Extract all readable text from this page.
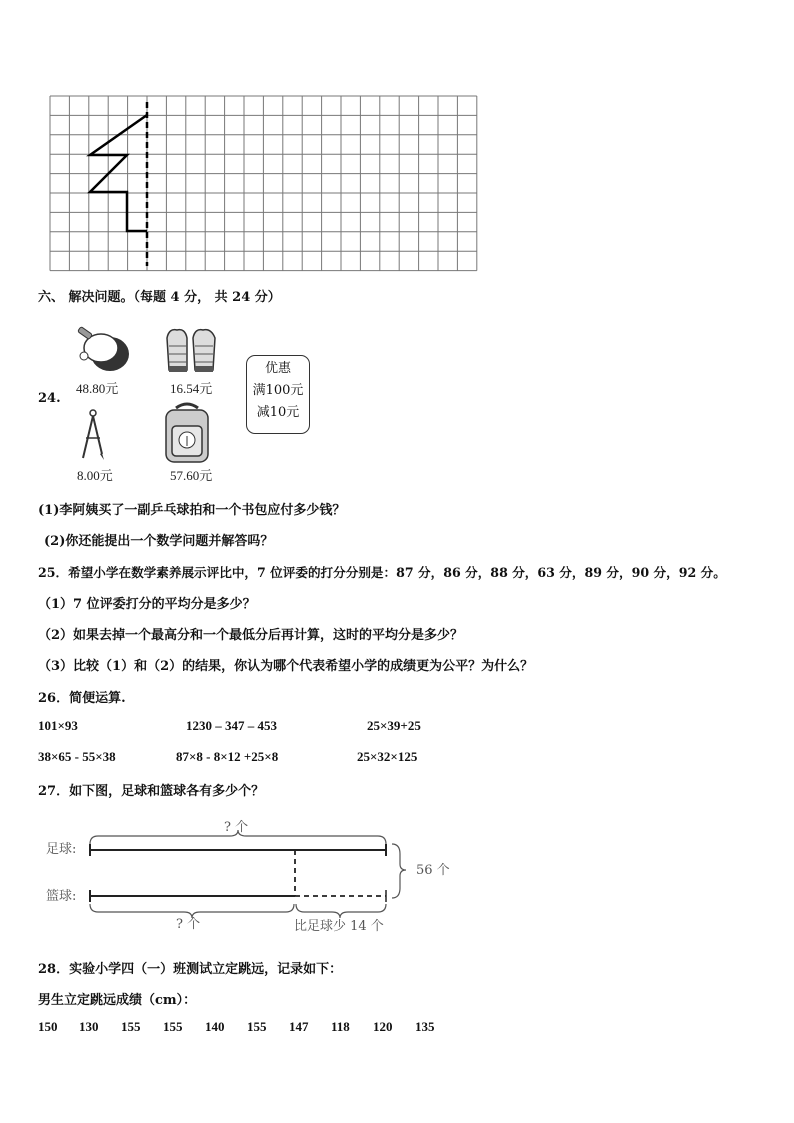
六、 解决问题。（每题 4 分， 共 24 分）
24.
48.80元	16.54元
8.00元	57.60元
优惠
满100元
减10元
(1)李阿姨买了一副乒乓球拍和一个书包应付多少钱？
(2)你还能提出一个数学问题并解答吗？
25．希望小学在数学素养展示评比中，7 位评委的打分分别是：87 分，86 分，88 分，63 分，89 分，90 分，92 分。
（1）7 位评委打分的平均分是多少？
（2）如果去掉一个最高分和一个最低分后再计算，这时的平均分是多少？
（3）比较（1）和（2）的结果，你认为哪个代表希望小学的成绩更为公平？为什么？
26．简便运算.
101×93	1230 – 347 – 453	25×39+25
38×65 - 55×38	87×8 - 8×12 +25×8	25×32×125
27．如下图，足球和篮球各有多少个？
足球:
篮球:
? 个
? 个	比足球少 14 个
56 个
28．实验小学四（一）班测试立定跳远，记录如下：
男生立定跳远成绩（cm）：
150 130 155 155 140 155 147 118 120 135
